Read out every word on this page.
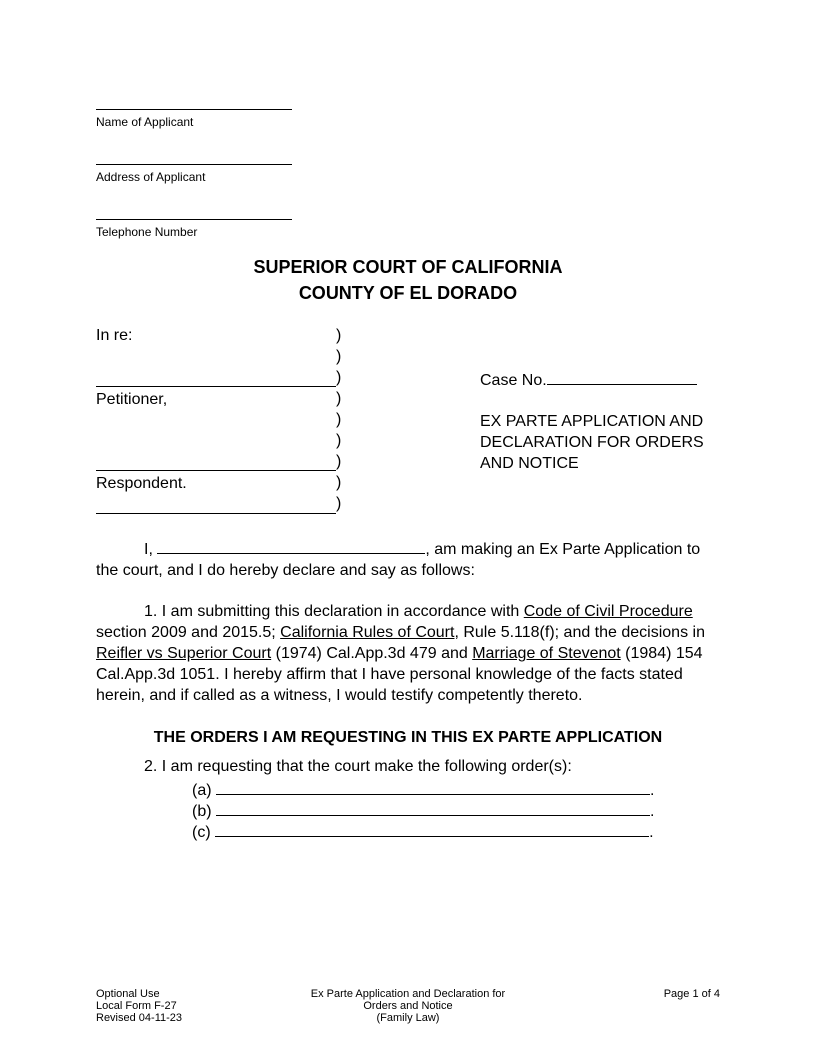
Name of Applicant
Address of Applicant
Telephone Number
SUPERIOR COURT OF CALIFORNIA
COUNTY OF EL DORADO
In re:
Petitioner,
Respondent.
)
)
)
)
)
)
)
)
)
Case No.
EX PARTE APPLICATION AND
DECLARATION FOR ORDERS
AND NOTICE
I,	, am making an Ex Parte Application to
the court, and I do hereby declare and say as follows:
1. I am submitting this declaration in accordance with Code of Civil Procedure section 2009 and 2015.5; California Rules of Court, Rule 5.118(f); and the decisions in Reifler vs Superior Court (1974) Cal.App.3d 479 and Marriage of Stevenot (1984) 154 Cal.App.3d 1051. I hereby affirm that I have personal knowledge of the facts stated herein, and if called as a witness, I would testify competently thereto.
THE ORDERS I AM REQUESTING IN THIS EX PARTE APPLICATION
2. I am requesting that the court make the following order(s):
(a)	.
(b)	.
(c)	.
Optional Use
Local Form F-27
Revised 04-11-23
Ex Parte Application and Declaration for
Orders and Notice
(Family Law)
Page 1 of 4
